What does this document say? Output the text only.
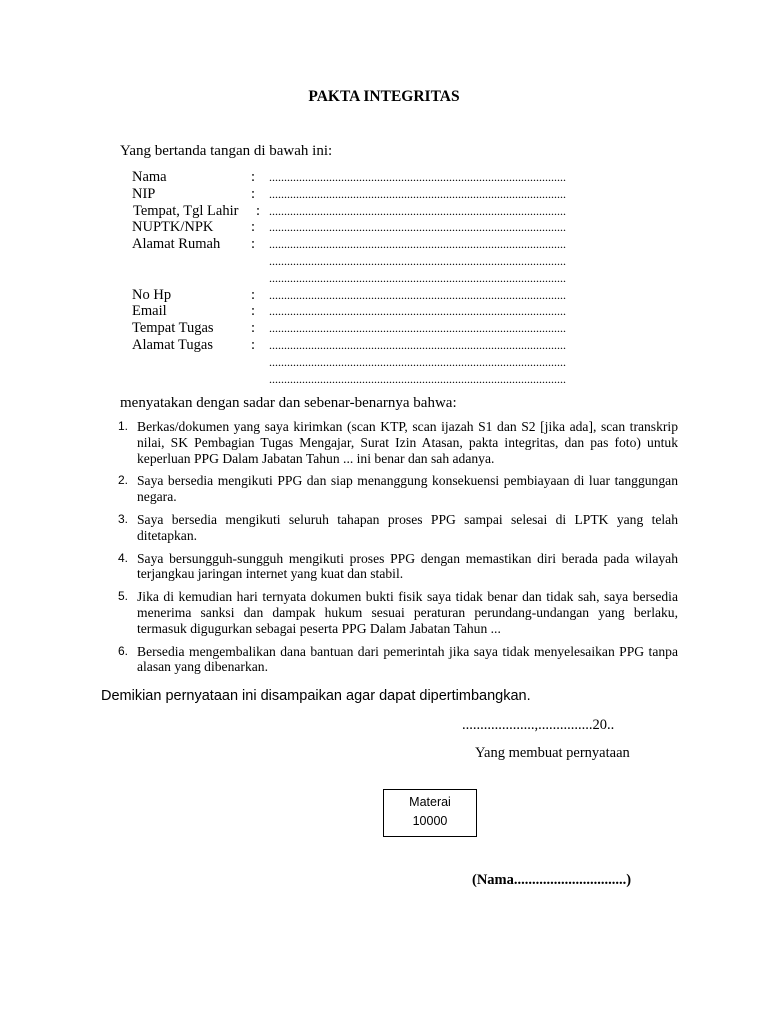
PAKTA INTEGRITAS
Yang bertanda tangan di bawah ini:
Nama	: ...................................................................................................
NIP	: ...................................................................................................
Tempat, Tgl Lahir : ...................................................................................................
NUPTK/NPK	: ...................................................................................................
Alamat Rumah : ...................................................................................................
...................................................................................................
...................................................................................................
No Hp	: ...................................................................................................
Email	: ...................................................................................................
Tempat Tugas	: ...................................................................................................
Alamat Tugas	: ...................................................................................................
...................................................................................................
...................................................................................................
menyatakan dengan sadar dan sebenar-benarnya bahwa:
1. Berkas/dokumen yang saya kirimkan (scan KTP, scan ijazah S1 dan S2 [jika ada], scan transkrip nilai, SK Pembagian Tugas Mengajar, Surat Izin Atasan, pakta integritas, dan pas foto) untuk keperluan PPG Dalam Jabatan Tahun ... ini benar dan sah adanya.
2. Saya bersedia mengikuti PPG dan siap menanggung konsekuensi pembiayaan di luar tanggungan negara.
3. Saya bersedia mengikuti seluruh tahapan proses PPG sampai selesai di LPTK yang telah ditetapkan.
4. Saya bersungguh-sungguh mengikuti proses PPG dengan memastikan diri berada pada wilayah terjangkau jaringan internet yang kuat dan stabil.
5. Jika di kemudian hari ternyata dokumen bukti fisik saya tidak benar dan tidak sah, saya bersedia menerima sanksi dan dampak hukum sesuai peraturan perundang-undangan yang berlaku, termasuk digugurkan sebagai peserta PPG Dalam Jabatan Tahun ...
6. Bersedia mengembalikan dana bantuan dari pemerintah jika saya tidak menyelesaikan PPG tanpa alasan yang dibenarkan.
Demikian pernyataan ini disampaikan agar dapat dipertimbangkan.
....................,...............20..
Yang membuat pernyataan
Materai
10000
(Nama...............................)
